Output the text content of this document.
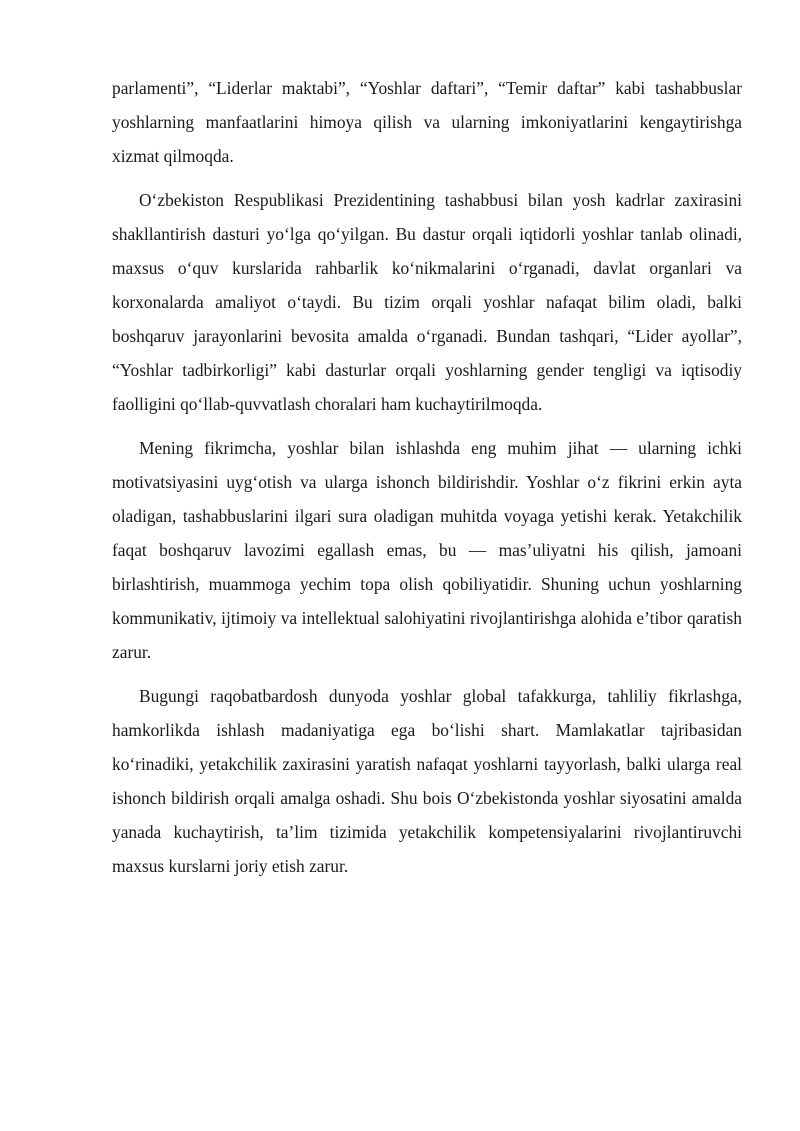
parlamenti”, “Liderlar maktabi”, “Yoshlar daftari”, “Temir daftar” kabi tashabbuslar yoshlarning manfaatlarini himoya qilish va ularning imkoniyatlarini kengaytirishga xizmat qilmoqda.

O‘zbekiston Respublikasi Prezidentining tashabbusi bilan yosh kadrlar zaxirasini shakllantirish dasturi yo‘lga qo‘yilgan. Bu dastur orqali iqtidorli yoshlar tanlab olinadi, maxsus o‘quv kurslarida rahbarlik ko‘nikmalarini o‘rganadi, davlat organlari va korxonalarda amaliyot o‘taydi. Bu tizim orqali yoshlar nafaqat bilim oladi, balki boshqaruv jarayonlarini bevosita amalda o‘rganadi. Bundan tashqari, “Lider ayollar”, “Yoshlar tadbirkorligi” kabi dasturlar orqali yoshlarning gender tengligi va iqtisodiy faolligini qo‘llab-quvvatlash choralari ham kuchaytirilmoqda.

Mening fikrimcha, yoshlar bilan ishlashda eng muhim jihat — ularning ichki motivatsiyasini uyg‘otish va ularga ishonch bildirishdir. Yoshlar o‘z fikrini erkin ayta oladigan, tashabbuslarini ilgari sura oladigan muhitda voyaga yetishi kerak. Yetakchilik faqat boshqaruv lavozimi egallash emas, bu — mas’uliyatni his qilish, jamoani birlashtirish, muammoga yechim topa olish qobiliyatidir. Shuning uchun yoshlarning kommunikativ, ijtimoiy va intellektual salohiyatini rivojlantirishga alohida e’tibor qaratish zarur.

Bugungi raqobatbardosh dunyoda yoshlar global tafakkurga, tahliliy fikrlashga, hamkorlikda ishlash madaniyatiga ega bo‘lishi shart. Mamlakatlar tajribasidan ko‘rinadiki, yetakchilik zaxirasini yaratish nafaqat yoshlarni tayyorlash, balki ularga real ishonch bildirish orqali amalga oshadi. Shu bois O‘zbekistonda yoshlar siyosatini amalda yanada kuchaytirish, ta’lim tizimida yetakchilik kompetensiyalarini rivojlantiruvchi maxsus kurslarni joriy etish zarur.
